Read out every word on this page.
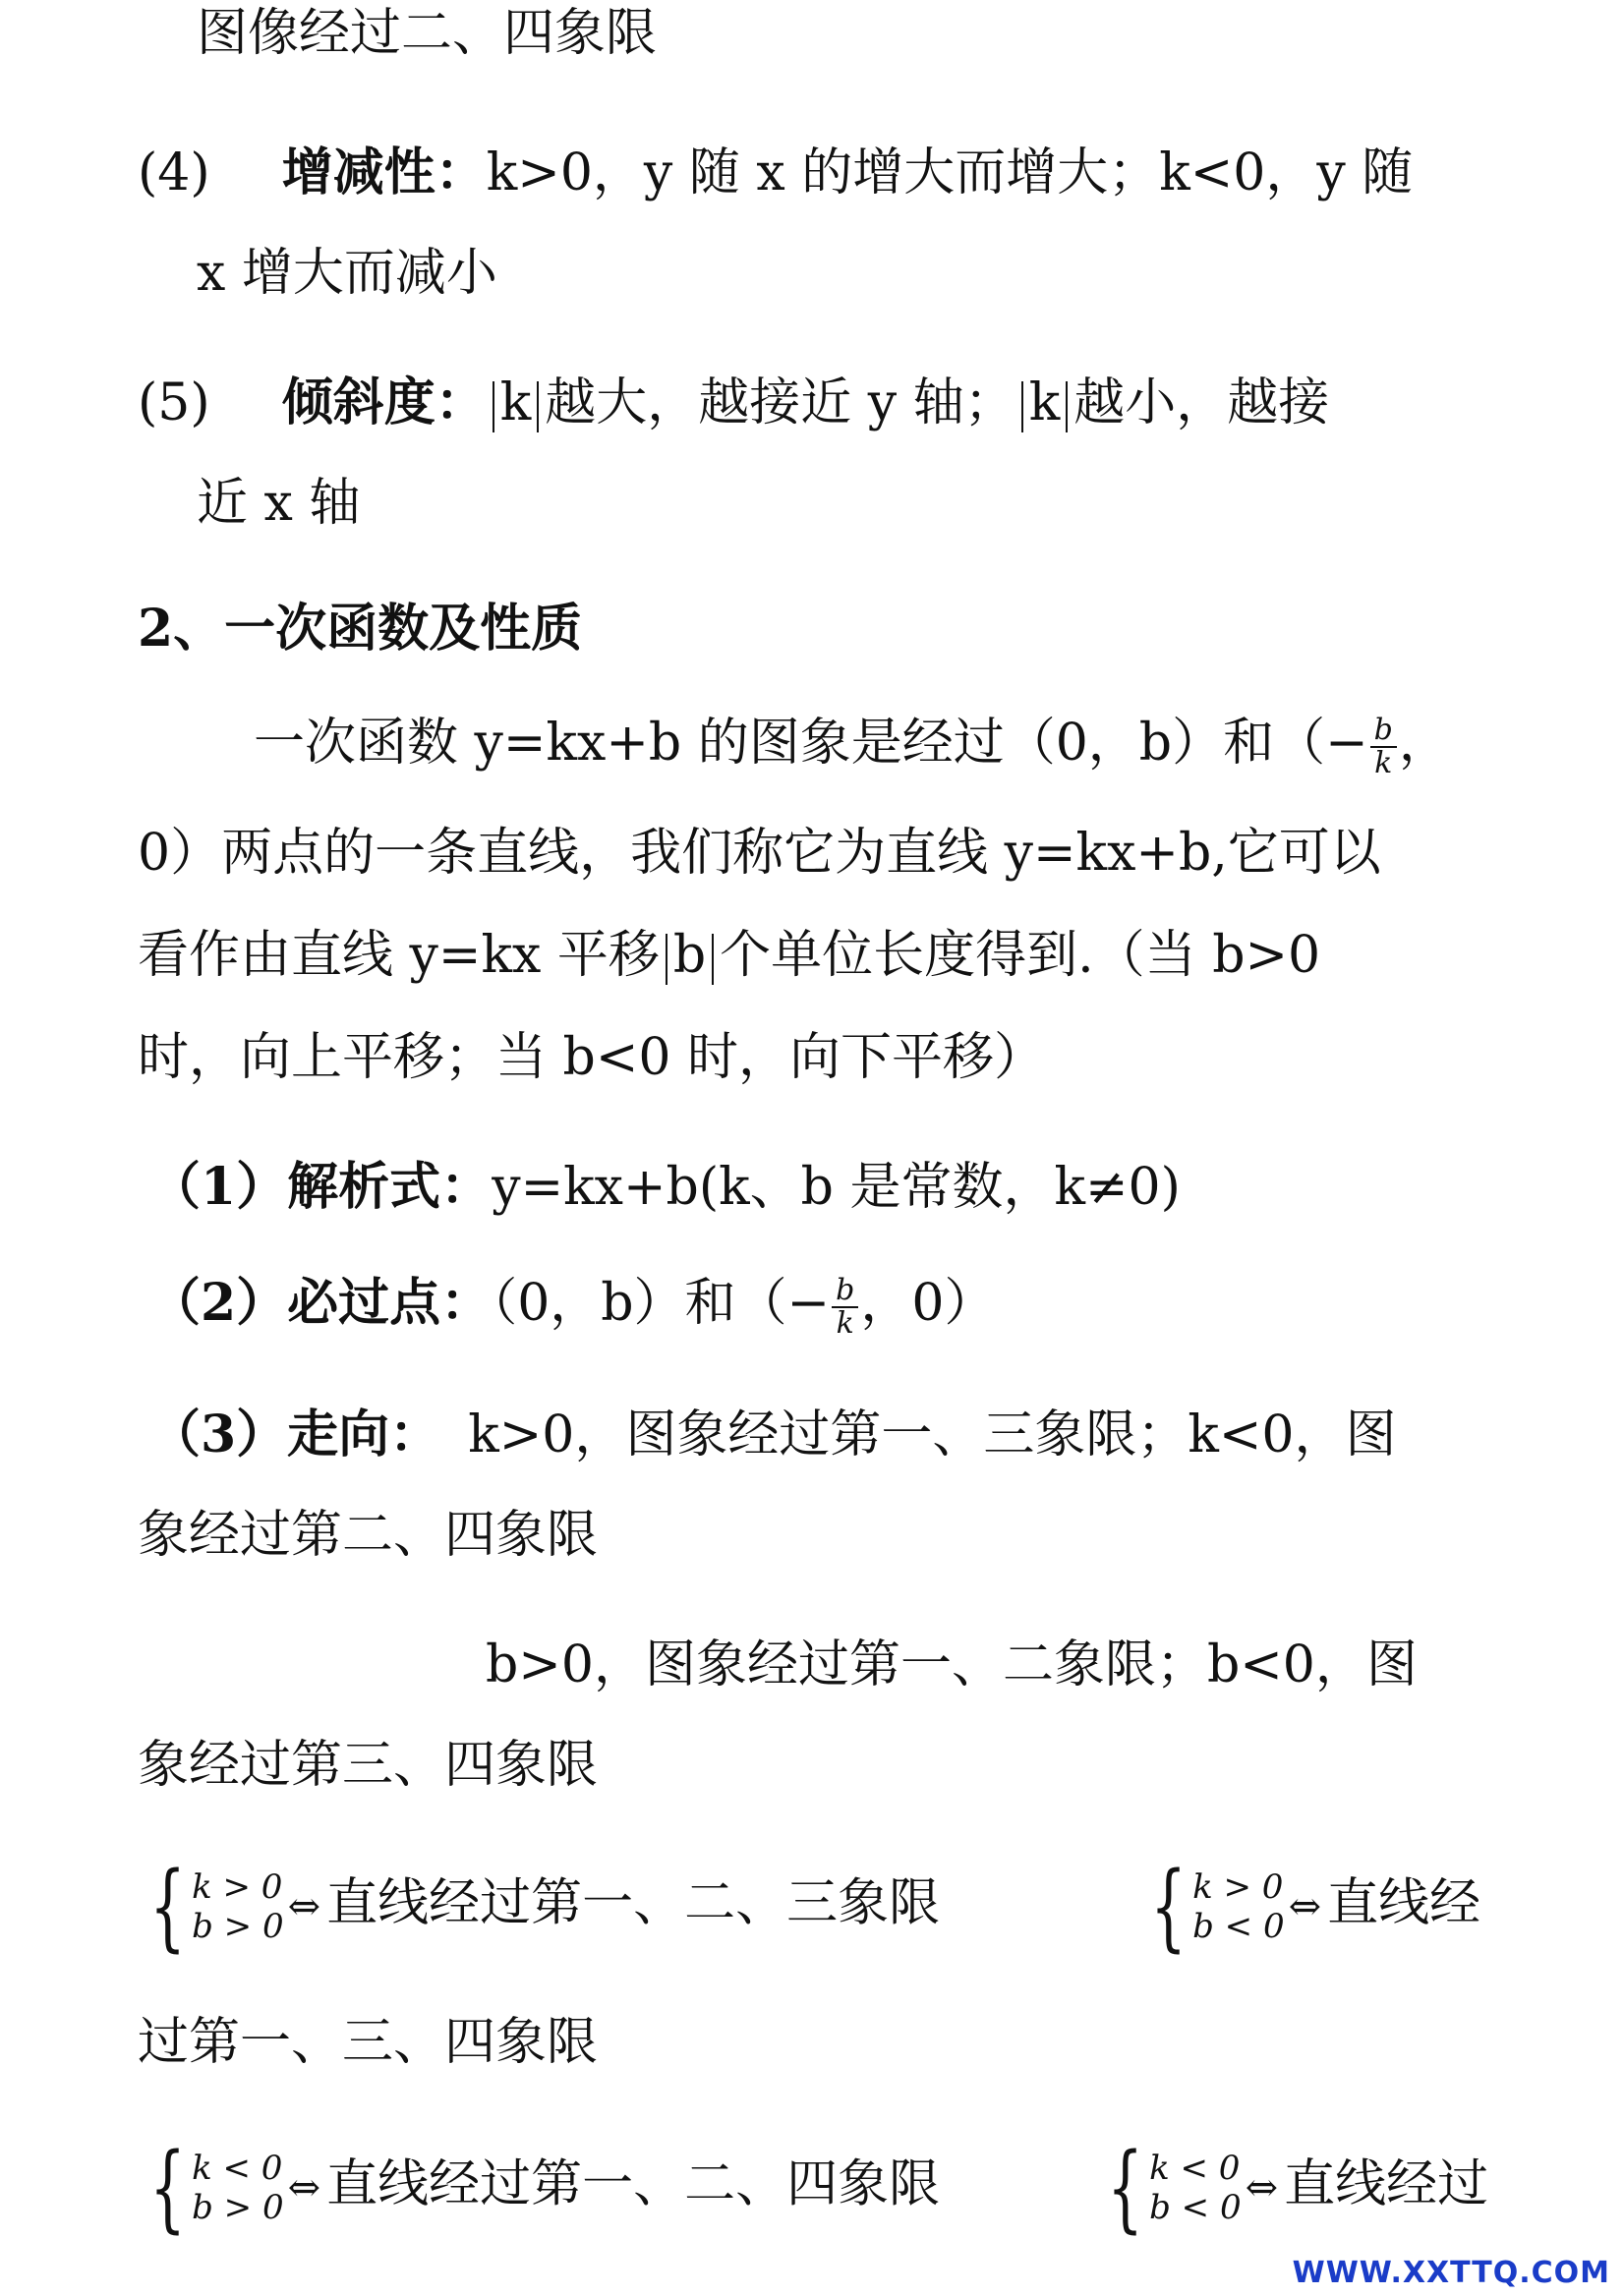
图像经过二、四象限
(4) 增减性：k>0，y 随 x 的增大而增大；k<0，y 随
x 增大而减小
(5) 倾斜度： k 越大，越接近 y 轴； k 越小，越接
近 x 轴
2、一次函数及性质
一次函数 y=kx+b 的图象是经过（0，b）和（− $\frac{b}{k}$ ，
0）两点的一条直线，我们称它为直线 y=kx+b,它可以
看作由直线 y=kx 平移 b 个单位长度得到.（当 b>0
时，向上平移；当 b<0 时，向下平移）
（1）解析式：y=kx+b(k、b 是常数，k≠0)
（2）必过点：（0，b）和（− $\frac{b}{k}$ ，0）
（3）走向： k>0，图象经过第一、三象限；k<0，图
象经过第二、四象限
b>0，图象经过第一、二象限；b<0，图
象经过第三、四象限
{ k > 0
b > 0 ⇔ 直线经过第一、二、三象限 { k > 0
b < 0 ⇔ 直线经
过第一、三、四象限
{ k < 0
b > 0 ⇔ 直线经过第一、二、四象限 { k < 0
b < 0 ⇔ 直线经过
WWW.XXTTQ.COM
